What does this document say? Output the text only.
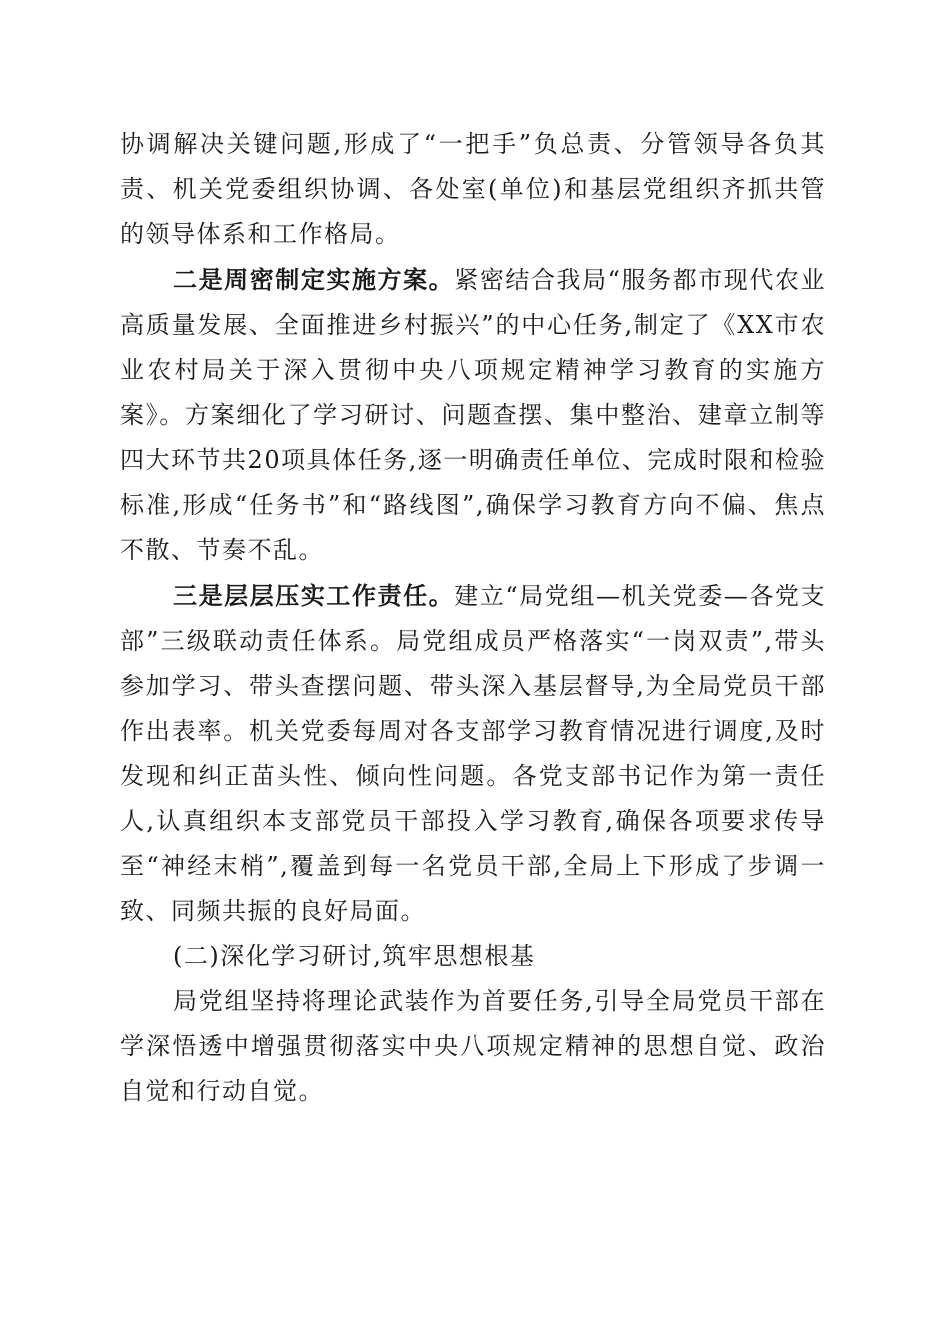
协调解决关键问题,形成了“一把手”负总责、分管领导各负其责、机关党委组织协调、各处室(单位)和基层党组织齐抓共管的领导体系和工作格局。

二是周密制定实施方案。紧密结合我局“服务都市现代农业高质量发展、全面推进乡村振兴”的中心任务,制定了《XX市农业农村局关于深入贯彻中央八项规定精神学习教育的实施方案》。方案细化了学习研讨、问题查摆、集中整治、建章立制等四大环节共20项具体任务,逐一明确责任单位、完成时限和检验标准,形成“任务书”和“路线图”,确保学习教育方向不偏、焦点不散、节奏不乱。

三是层层压实工作责任。建立“局党组—机关党委—各党支部”三级联动责任体系。局党组成员严格落实“一岗双责”,带头参加学习、带头查摆问题、带头深入基层督导,为全局党员干部作出表率。机关党委每周对各支部学习教育情况进行调度,及时发现和纠正苗头性、倾向性问题。各党支部书记作为第一责任人,认真组织本支部党员干部投入学习教育,确保各项要求传导至“神经末梢”,覆盖到每一名党员干部,全局上下形成了步调一致、同频共振的良好局面。

(二)深化学习研讨,筑牢思想根基

局党组坚持将理论武装作为首要任务,引导全局党员干部在学深悟透中增强贯彻落实中央八项规定精神的思想自觉、政治自觉和行动自觉。
